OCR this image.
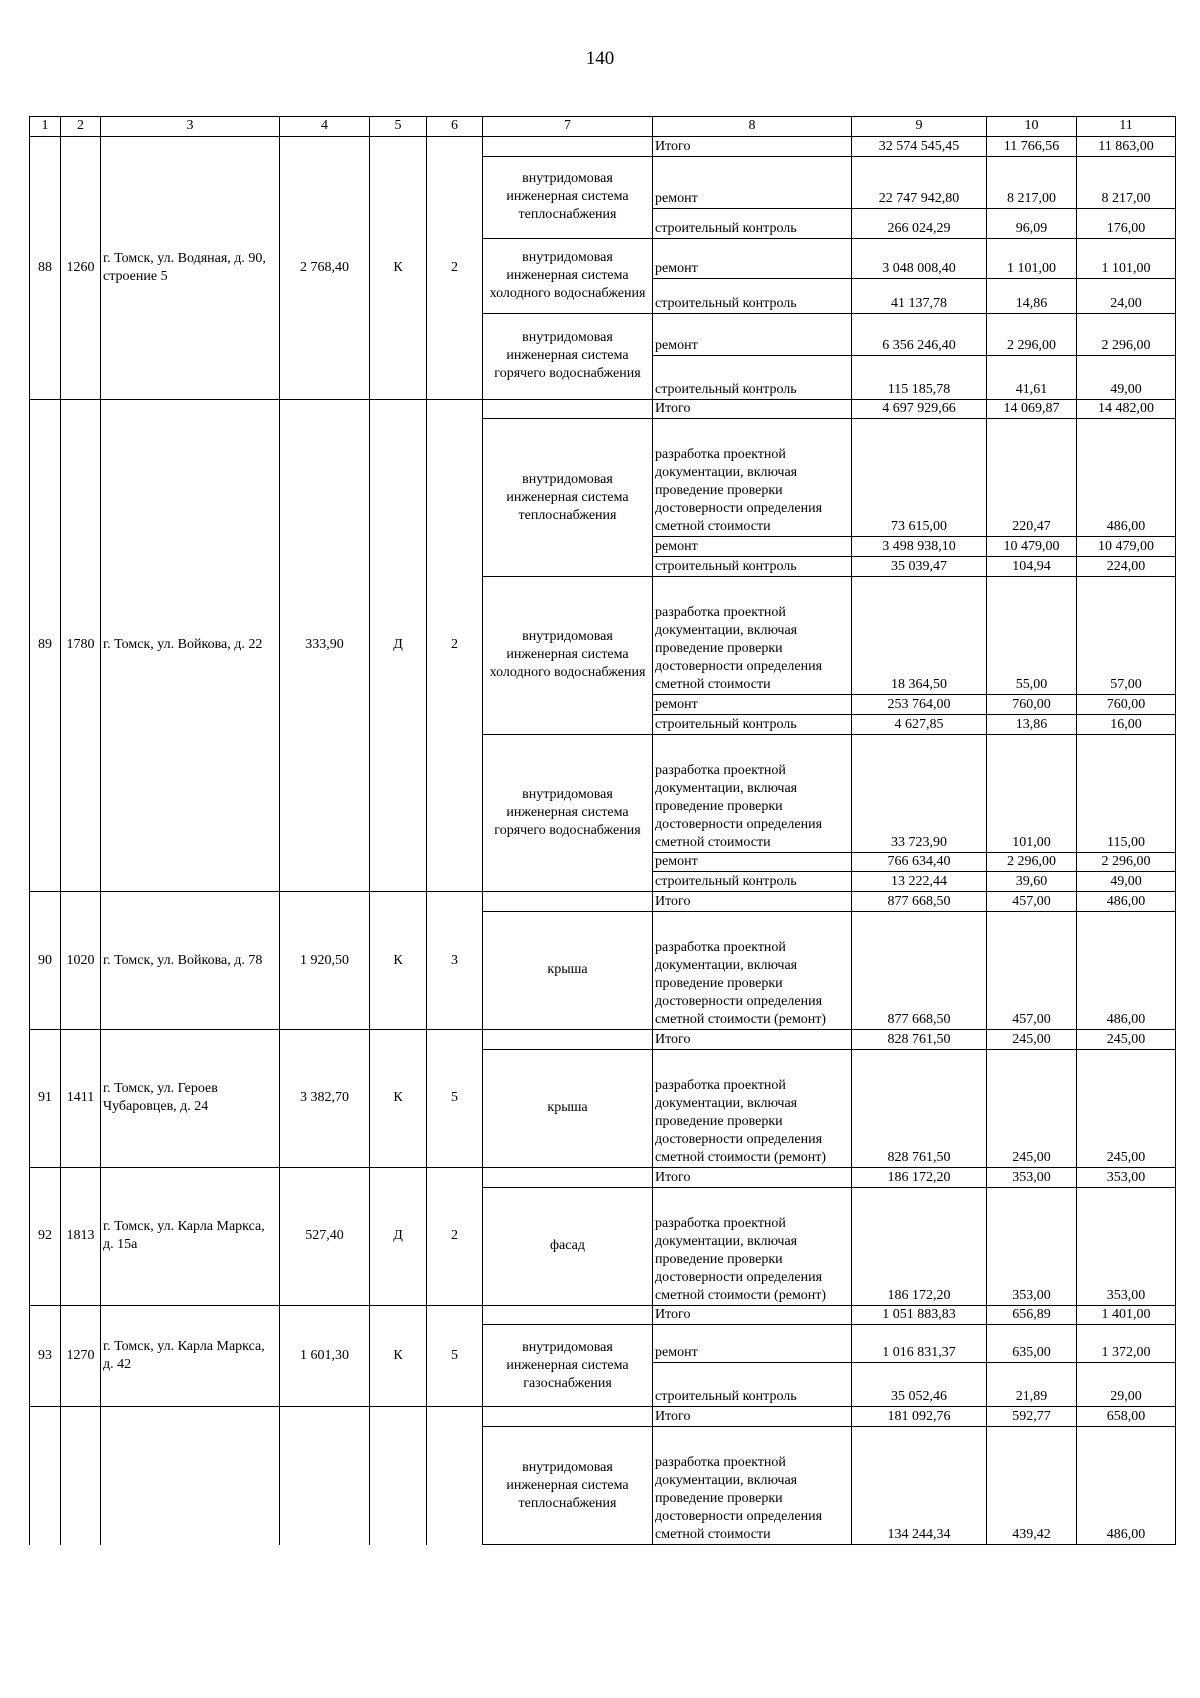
140
1	2	3	4	5	6	7	8	9	10	11
88	1260	г. Томск, ул. Водяная, д. 90, строение 5	2 768,40	К	2		Итого	32 574 545,45	11 766,56	11 863,00
						внутридомовая инженерная система теплоснабжения	ремонт	22 747 942,80	8 217,00	8 217,00
							строительный контроль	266 024,29	96,09	176,00
						внутридомовая инженерная система холодного водоснабжения	ремонт	3 048 008,40	1 101,00	1 101,00
							строительный контроль	41 137,78	14,86	24,00
						внутридомовая инженерная система горячего водоснабжения	ремонт	6 356 246,40	2 296,00	2 296,00
							строительный контроль	115 185,78	41,61	49,00

89	1780	г. Томск, ул. Войкова, д. 22	333,90	Д	2		Итого	4 697 929,66	14 069,87	14 482,00
						внутридомовая инженерная система теплоснабжения	разработка проектной документации, включая проведение проверки достоверности определения сметной стоимости	73 615,00	220,47	486,00
							ремонт	3 498 938,10	10 479,00	10 479,00
							строительный контроль	35 039,47	104,94	224,00
						внутридомовая инженерная система холодного водоснабжения	разработка проектной документации, включая проведение проверки достоверности определения сметной стоимости	18 364,50	55,00	57,00
							ремонт	253 764,00	760,00	760,00
							строительный контроль	4 627,85	13,86	16,00
						внутридомовая инженерная система горячего водоснабжения	разработка проектной документации, включая проведение проверки достоверности определения сметной стоимости	33 723,90	101,00	115,00
							ремонт	766 634,40	2 296,00	2 296,00
							строительный контроль	13 222,44	39,60	49,00

90	1020	г. Томск, ул. Войкова, д. 78	1 920,50	К	3		Итого	877 668,50	457,00	486,00
						крыша	разработка проектной документации, включая проведение проверки достоверности определения сметной стоимости (ремонт)	877 668,50	457,00	486,00
91	1411	г. Томск, ул. Героев Чубаровцев, д. 24	3 382,70	К	5		Итого	828 761,50	245,00	245,00
						крыша	разработка проектной документации, включая проведение проверки достоверности определения сметной стоимости (ремонт)	828 761,50	245,00	245,00
92	1813	г. Томск, ул. Карла Маркса, д. 15а	527,40	Д	2		Итого	186 172,20	353,00	353,00
						фасад	разработка проектной документации, включая проведение проверки достоверности определения сметной стоимости (ремонт)	186 172,20	353,00	353,00
93	1270	г. Томск, ул. Карла Маркса, д. 42	1 601,30	К	5		Итого	1 051 883,83	656,89	1 401,00
						внутридомовая инженерная система газоснабжения	ремонт	1 016 831,37	635,00	1 372,00
							строительный контроль	35 052,46	21,89	29,00
							Итого	181 092,76	592,77	658,00
						внутридомовая инженерная система теплоснабжения	разработка проектной документации, включая проведение проверки достоверности определения сметной стоимости	134 244,34	439,42	486,00
